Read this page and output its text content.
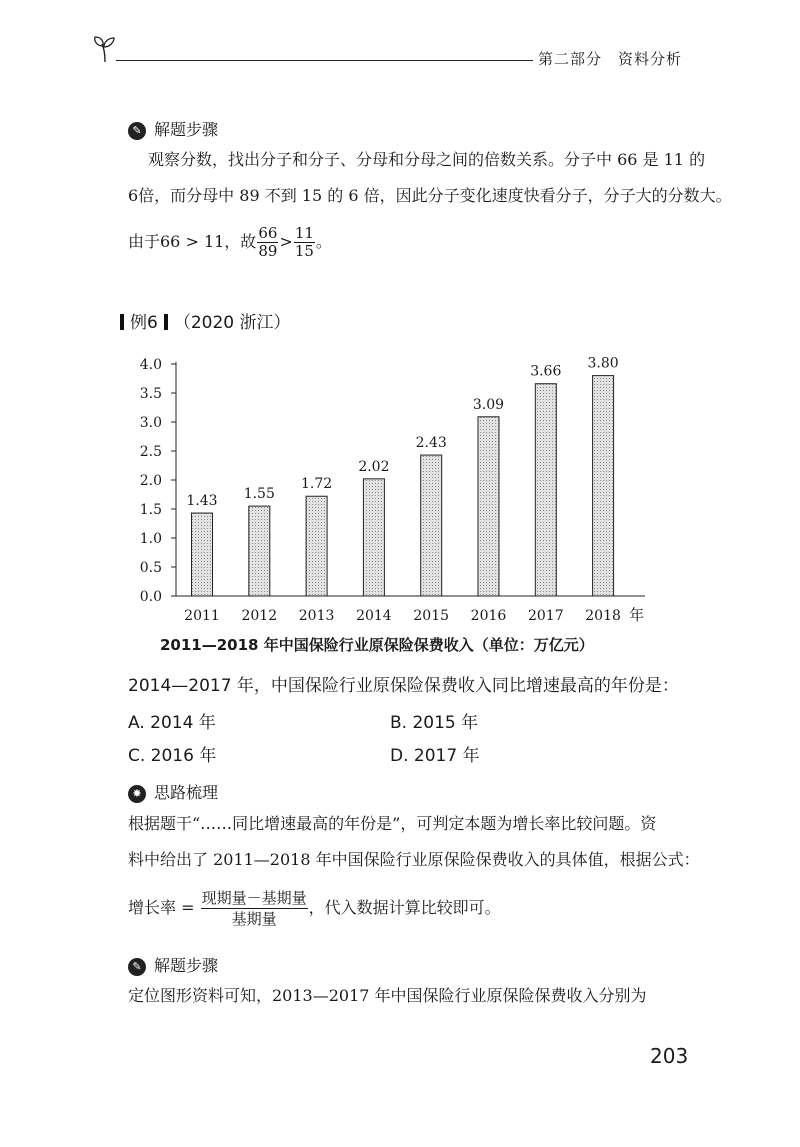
第二部分　资料分析
✎ 解题步骤
观察分数，找出分子和分子、分母和分母之间的倍数关系。分子中 66 是 11 的
6倍，而分母中 89 不到 15 的 6 倍，因此分子变化速度快看分子，分子大的分数大。
由于66 > 11，故 $\frac{66}{89} > \frac{11}{15}$ 。
例6 （2020 浙江）
0.0
0.5
1.0
1.5
2.0
2.5
3.0
3.5
4.0
1.43
2011
1.55
2012
1.72
2013
2.02
2014
2.43
2015
3.09
2016
3.66
2017
3.80
2018 年
2011—2018 年中国保险行业原保险保费收入（单位：万亿元）
2014—2017 年，中国保险行业原保险保费收入同比增速最高的年份是：
A. 2014 年	B. 2015 年
C. 2016 年	D. 2017 年
✸ 思路梳理
根据题干“……同比增速最高的年份是”，可判定本题为增长率比较问题。资
料中给出了 2011—2018 年中国保险行业原保险保费收入的具体值，根据公式：
增长率 = $\frac{\text{现期量－基期量}}{\text{基期量}}$ ，代入数据计算比较即可。
✎ 解题步骤
定位图形资料可知，2013—2017 年中国保险行业原保险保费收入分别为
203
